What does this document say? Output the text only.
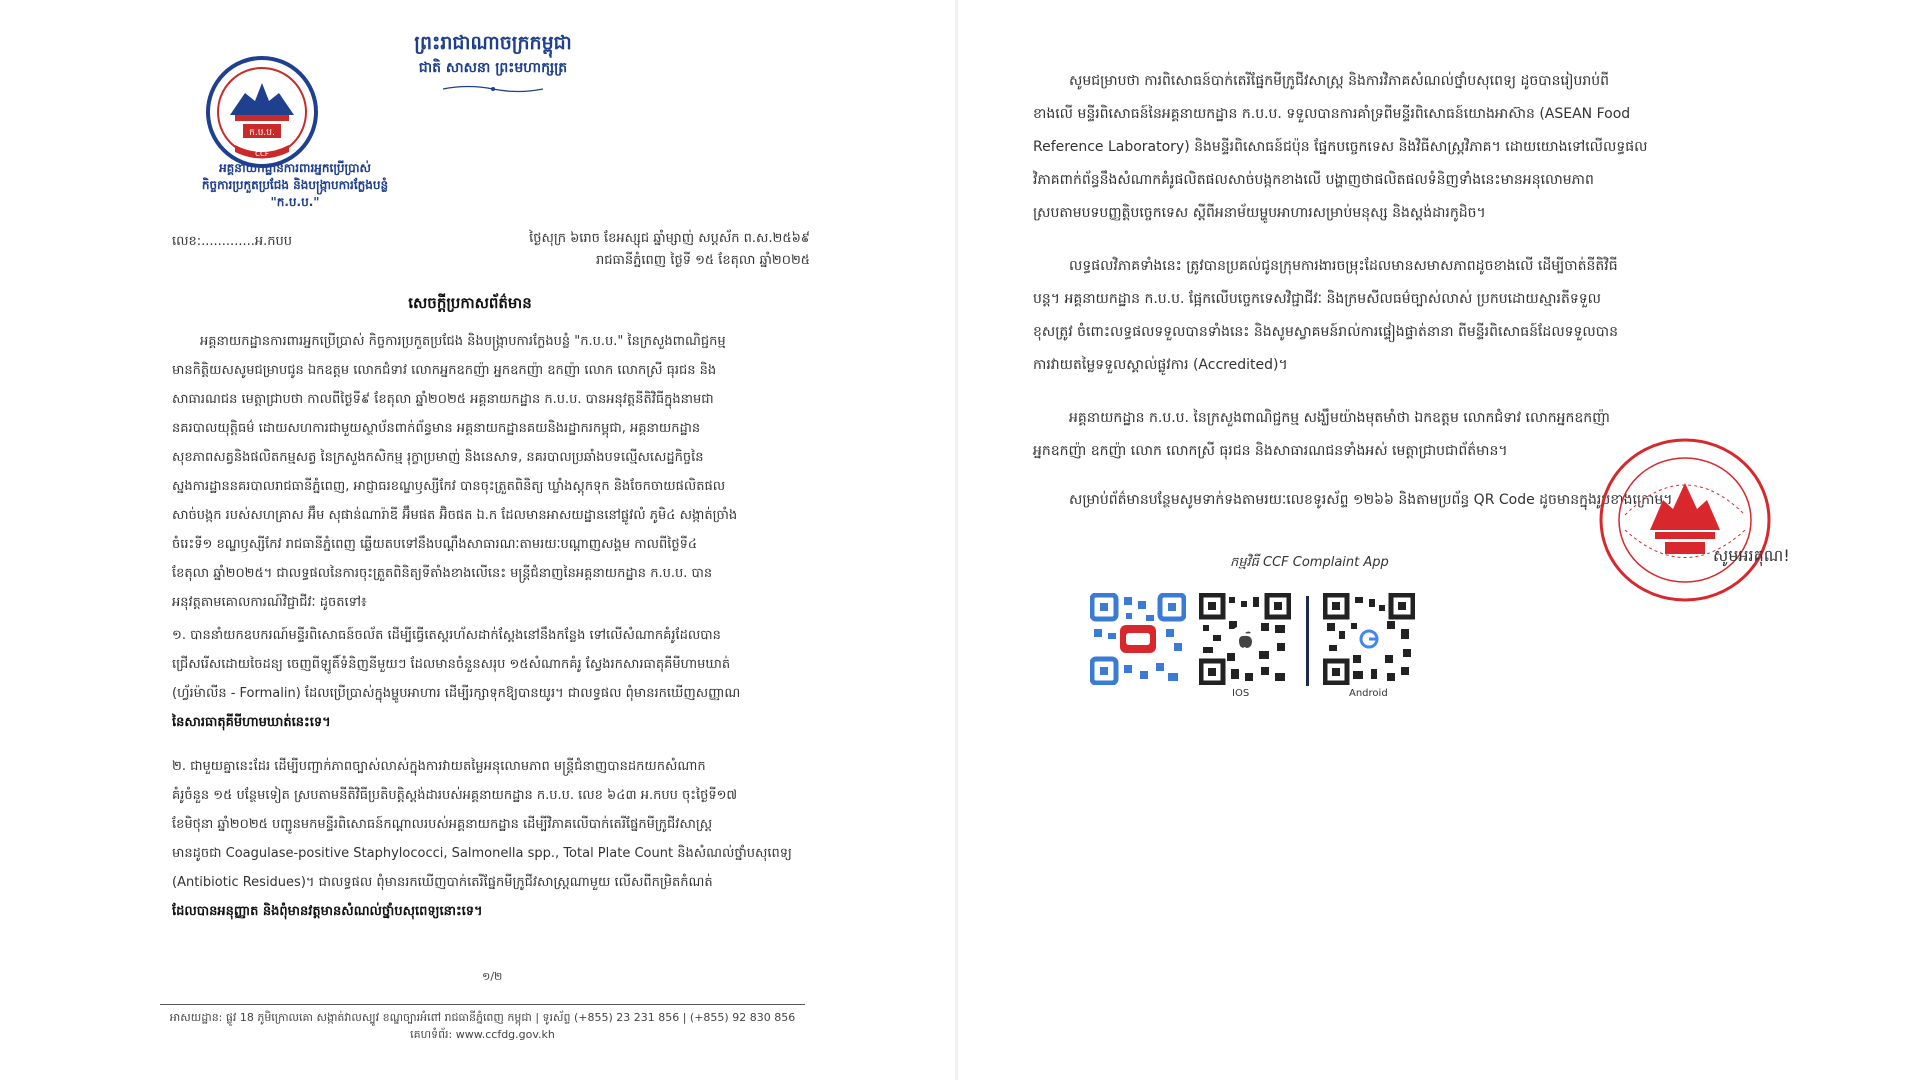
ក.ប.ប.
CCF
អគ្គនាយកដ្ឋានការពារអ្នកប្រើប្រាស់
កិច្ចការប្រកួតប្រជែង និងបង្ក្រាបការក្លែងបន្លំ
"ក.ប.ប."
ព្រះរាជាណាចក្រកម្ពុជា
ជាតិ សាសនា ព្រះមហាក្សត្រ
លេខ:.............អ.កបប	ថ្ងៃសុក្រ ៦រោច ខែអស្សុជ ឆ្នាំម្សាញ់ សប្តស័ក ព.ស.២៥៦៩
រាជធានីភ្នំពេញ ថ្ងៃទី ១៥ ខែតុលា ឆ្នាំ២០២៥
សេចក្តីប្រកាសព័ត៌មាន
អគ្គនាយកដ្ឋានការពារអ្នកប្រើប្រាស់ កិច្ចការប្រកួតប្រជែង និងបង្ក្រាបការក្លែងបន្លំ "ក.ប.ប." នៃក្រសួងពាណិជ្ជកម្ម
មានកិត្តិយសសូមជម្រាបជូន ឯកឧត្តម លោកជំទាវ លោកអ្នកឧកញ៉ា អ្នកឧកញ៉ា ឧកញ៉ា លោក លោកស្រី ធុរជន និង
សាធារណជន មេត្តាជ្រាបថា កាលពីថ្ងៃទី៩ ខែតុលា ឆ្នាំ២០២៥ អគ្គនាយកដ្ឋាន ក.ប.ប. បានអនុវត្តនីតិវិធីក្នុងនាមជា
នគរបាលយុត្តិធម៌ ដោយសហការជាមួយស្ថាប័នពាក់ព័ន្ធមាន អគ្គនាយកដ្ឋានគយនិងរដ្ឋាករកម្ពុជា, អគ្គនាយកដ្ឋាន
សុខភាពសត្វនិងផលិតកម្មសត្វ នៃក្រសួងកសិកម្ម រុក្ខាប្រមាញ់ និងនេសាទ, នគរបាលប្រឆាំងបទល្មើសសេដ្ឋកិច្ចនៃ
ស្នងការដ្ឋាននគរបាលរាជធានីភ្នំពេញ, អាជ្ញាធរខណ្ឌឫស្សីកែវ បានចុះត្រួតពិនិត្យ ឃ្លាំងស្តុកទុក និងចែកចាយផលិតផល
សាច់បង្កក របស់សហគ្រាស អ៊ឹម សុផាន់ណារ៉ាឌី អ៊ឹមផត អ៊ិចផត ឯ.ក ដែលមានអាសយដ្ឋាននៅផ្លូវលំ ភូមិ៤ សង្កាត់ច្រាំង
ចំរេះទី១ ខណ្ឌឫស្សីកែវ រាជធានីភ្នំពេញ ឆ្លើយតបទៅនឹងបណ្តឹងសាធារណៈតាមរយៈបណ្តាញសង្គម កាលពីថ្ងៃទី៤
ខែតុលា ឆ្នាំ២០២៥។ ជាលទ្ធផលនៃការចុះត្រួតពិនិត្យទីតាំងខាងលើនេះ មន្ត្រីជំនាញនៃអគ្គនាយកដ្ឋាន ក.ប.ប. បាន
អនុវត្តតាមគោលការណ៍វិជ្ជាជីវៈ ដូចតទៅ៖
១. បាននាំយកឧបករណ៍មន្ទីរពិសោធន៍ចល័ត ដើម្បីធ្វើតេស្តរហ័សដាក់ស្តែងនៅនឹងកន្លែង ទៅលើសំណាកគំរូដែលបាន
ជ្រើសរើសដោយចៃដន្យ ចេញពីឡូតិ៍ទំនិញនីមួយៗ ដែលមានចំនួនសរុប ១៥សំណាកគំរូ ស្វែងរកសារធាតុគីមីហាមឃាត់
(ហ្វ័រម៉ាលីន - Formalin) ដែលប្រើប្រាស់ក្នុងម្ហូបអាហារ ដើម្បីរក្សាទុកឱ្យបានយូរ។ ជាលទ្ធផល ពុំមានរកឃើញសញ្ញាណ
នៃសារធាតុគីមីហាមឃាត់នេះទេ។
២. ជាមួយគ្នានេះដែរ ដើម្បីបញ្ជាក់ភាពច្បាស់លាស់ក្នុងការវាយតម្លៃអនុលោមភាព មន្ត្រីជំនាញបានដកយកសំណាក
គំរូចំនួន ១៥ បន្ថែមទៀត ស្របតាមនីតិវិធីប្រតិបត្តិស្តង់ដារបស់អគ្គនាយកដ្ឋាន ក.ប.ប. លេខ ៦៤៣ អ.កបប ចុះថ្ងៃទី១៧
ខែមិថុនា ឆ្នាំ២០២៥ បញ្ជូនមកមន្ទីរពិសោធន៍កណ្តាលរបស់អគ្គនាយកដ្ឋាន ដើម្បីវិភាគលើបាក់តេរីផ្នែកមីក្រូជីវសាស្ត្រ
មានដូចជា Coagulase-positive Staphylococci, Salmonella spp., Total Plate Count និងសំណល់ថ្នាំបសុពេទ្យ
(Antibiotic Residues)។ ជាលទ្ធផល ពុំមានរកឃើញបាក់តេរីផ្នែកមីក្រូជីវសាស្ត្រណាមួយ លើសពីកម្រិតកំណត់
ដែលបានអនុញ្ញាត និងពុំមានវត្តមានសំណល់ថ្នាំបសុពេទ្យនោះទេ។
១/២
អាសយដ្ឋាន: ផ្លូវ 18 ភូមិក្រោលគោ សង្កាត់វាលស្បូវ ខណ្ឌច្បារអំពៅ រាជធានីភ្នំពេញ កម្ពុជា | ទូរស័ព្ទ (+855) 23 231 856 | (+855) 92 830 856
គេហទំព័រ: www.ccfdg.gov.kh
សូមជម្រាបថា ការពិសោធន៍បាក់តេរីផ្នែកមីក្រូជីវសាស្ត្រ និងការវិភាគសំណល់ថ្នាំបសុពេទ្យ ដូចបានរៀបរាប់ពី
ខាងលើ មន្ទីរពិសោធន៍នៃអគ្គនាយកដ្ឋាន ក.ប.ប. ទទួលបានការគាំទ្រពីមន្ទីរពិសោធន៍យោងអាស៊ាន (ASEAN Food
Reference Laboratory) និងមន្ទីរពិសោធន៍ជប៉ុន ផ្នែកបច្ចេកទេស និងវិធីសាស្ត្រវិភាគ។ ដោយយោងទៅលើលទ្ធផល
វិភាគពាក់ព័ន្ធនឹងសំណាកគំរូផលិតផលសាច់បង្កកខាងលើ បង្ហាញថាផលិតផលទំនិញទាំងនេះមានអនុលោមភាព
ស្របតាមបទបញ្ញត្តិបច្ចេកទេស ស្តីពីអនាម័យម្ហូបអាហារសម្រាប់មនុស្ស និងស្តង់ដារកូដិច។
លទ្ធផលវិភាគទាំងនេះ ត្រូវបានប្រគល់ជូនក្រុមការងារចម្រុះដែលមានសមាសភាពដូចខាងលើ ដើម្បីចាត់នីតិវិធី
បន្ត។ អគ្គនាយកដ្ឋាន ក.ប.ប. ផ្អែកលើបច្ចេកទេសវិជ្ជាជីវៈ និងក្រមសីលធម៌ច្បាស់លាស់ ប្រកបដោយស្មារតីទទួល
ខុសត្រូវ ចំពោះលទ្ធផលទទួលបានទាំងនេះ និងសូមស្វាគមន៍រាល់ការផ្ទៀងផ្ទាត់នានា ពីមន្ទីរពិសោធន៍ដែលទទួលបាន
ការវាយតម្លៃទទួលស្គាល់ផ្លូវការ (Accredited)។
អគ្គនាយកដ្ឋាន ក.ប.ប. នៃក្រសួងពាណិជ្ជកម្ម សង្ឃឹមយ៉ាងមុតមាំថា ឯកឧត្តម លោកជំទាវ លោកអ្នកឧកញ៉ា
អ្នកឧកញ៉ា ឧកញ៉ា លោក លោកស្រី ធុរជន និងសាធារណជនទាំងអស់ មេត្តាជ្រាបជាព័ត៌មាន។
សម្រាប់ព័ត៌មានបន្ថែមសូមទាក់ទងតាមរយៈលេខទូរស័ព្ទ ១២៦៦ និងតាមប្រព័ន្ធ QR Code ដូចមានក្នុងរូបខាងក្រោម។
សូមអរគុណ!
កម្មវិធី CCF Complaint App
IOS	Android
